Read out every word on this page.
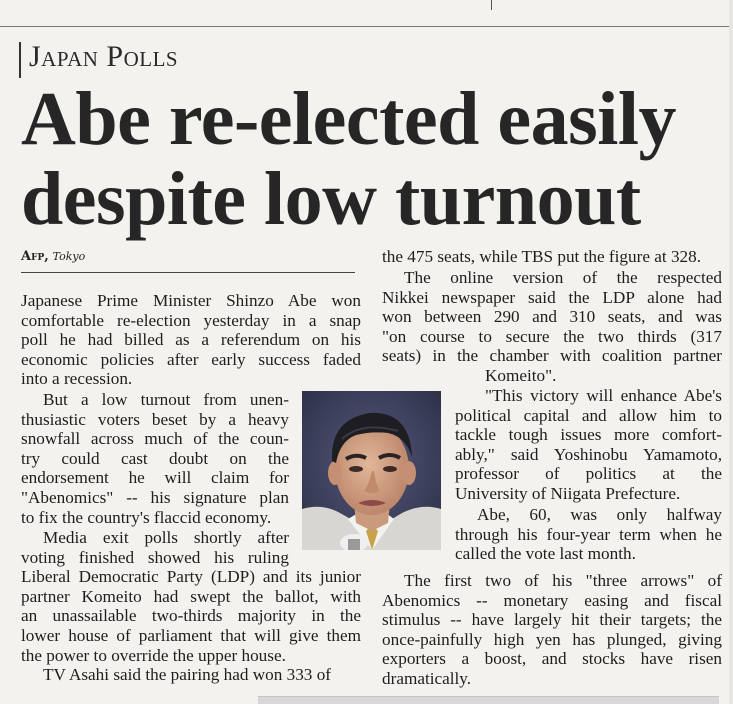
Japan Polls
Abe re-elected easily
despite low turnout
Afp, Tokyo
Japanese Prime Minister Shinzo Abe won
comfortable re-election yesterday in a snap
poll he had billed as a referendum on his
economic policies after early success faded
into a recession.
But a low turnout from unen-
thusiastic voters beset by a heavy
snowfall across much of the coun-
try could cast doubt on the
endorsement he will claim for
"Abenomics" -- his signature plan
to fix the country's flaccid economy.
Media exit polls shortly after
voting finished showed his ruling
Liberal Democratic Party (LDP) and its junior
partner Komeito had swept the ballot, with
an unassailable two-thirds majority in the
lower house of parliament that will give them
the power to override the upper house.
TV Asahi said the pairing had won 333 of
the 475 seats, while TBS put the figure at 328.
The online version of the respected
Nikkei newspaper said the LDP alone had
won between 290 and 310 seats, and was
"on course to secure the two thirds (317
seats) in the chamber with coalition partner
Komeito".
"This victory will enhance Abe's
political capital and allow him to
tackle tough issues more comfort-
ably," said Yoshinobu Yamamoto,
professor of politics at the
University of Niigata Prefecture.
Abe, 60, was only halfway
through his four-year term when he
called the vote last month.
The first two of his "three arrows" of
Abenomics -- monetary easing and fiscal
stimulus -- have largely hit their targets; the
once-painfully high yen has plunged, giving
exporters a boost, and stocks have risen
dramatically.
